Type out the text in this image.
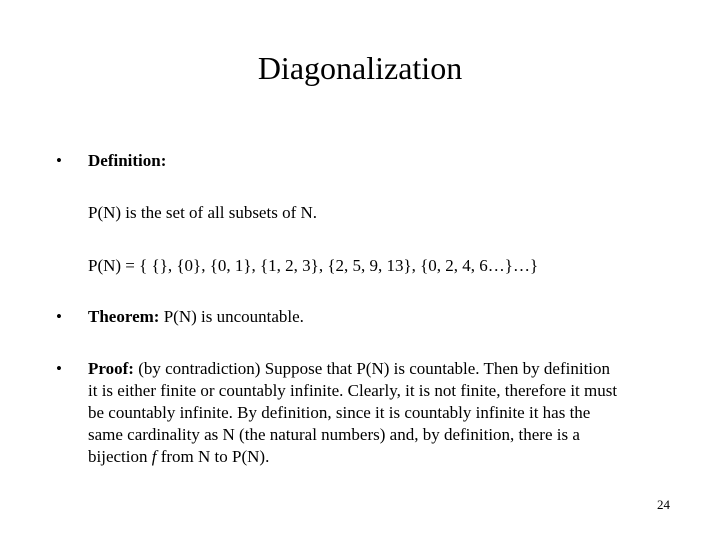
Diagonalization
•	Definition:
P(N) is the set of all subsets of N.
P(N) = { {}, {0}, {0, 1}, {1, 2, 3}, {2, 5, 9, 13}, {0, 2, 4, 6…}…}
•	Theorem: P(N) is uncountable.
•	Proof: (by contradiction) Suppose that P(N) is countable. Then by definition
it is either finite or countably infinite. Clearly, it is not finite, therefore it must
be countably infinite. By definition, since it is countably infinite it has the
same cardinality as N (the natural numbers) and, by definition, there is a
bijection f from N to P(N).
24
